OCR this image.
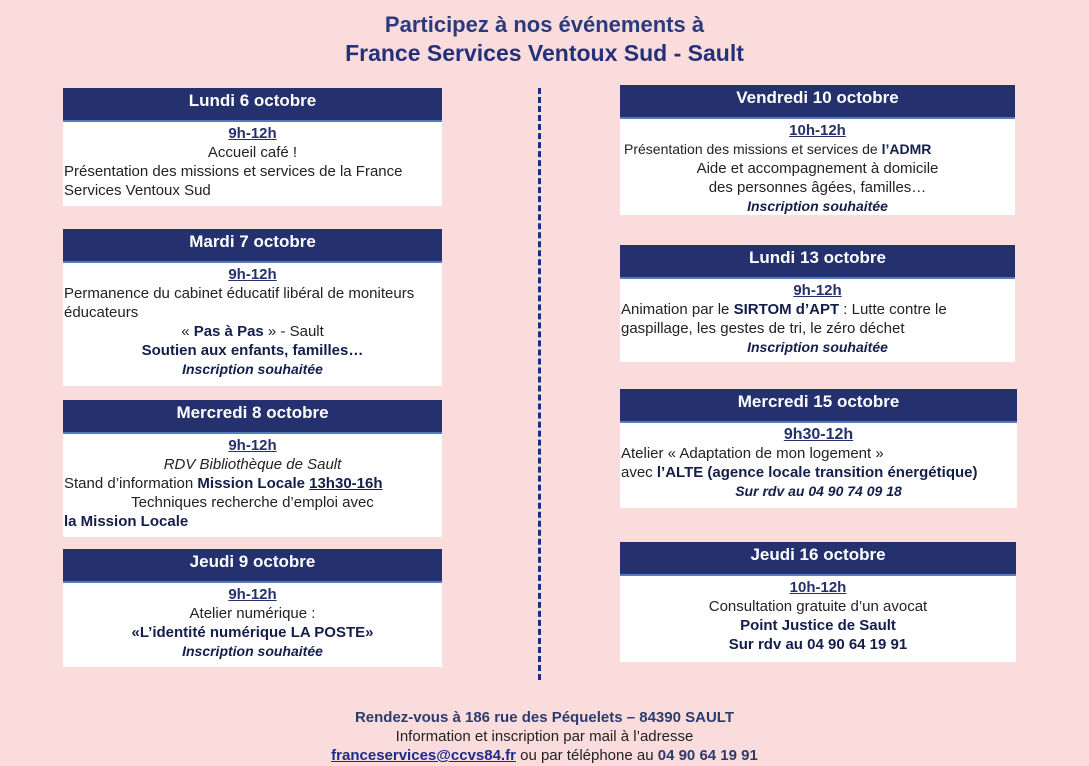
Participez à nos événements à
France Services Ventoux Sud - Sault
Lundi 6 octobre
9h-12h
Accueil café !
Présentation des missions et services de la France
Services Ventoux Sud
Mardi 7 octobre
9h-12h
Permanence du cabinet éducatif libéral de moniteurs
éducateurs
« Pas à Pas » - Sault
Soutien aux enfants, familles…
Inscription souhaitée
Mercredi 8 octobre
9h-12h
RDV Bibliothèque de Sault
Stand d’information Mission Locale 13h30-16h
Techniques recherche d’emploi avec
la Mission Locale
Jeudi 9 octobre
9h-12h
Atelier numérique :
«L’identité numérique LA POSTE»
Inscription souhaitée
Vendredi 10 octobre
10h-12h
Présentation des missions et services de l’ADMR
Aide et accompagnement à domicile
des personnes âgées, familles…
Inscription souhaitée
Lundi 13 octobre
9h-12h
Animation par le SIRTOM d’APT : Lutte contre le
gaspillage, les gestes de tri, le zéro déchet
Inscription souhaitée
Mercredi 15 octobre
9h30-12h
Atelier « Adaptation de mon logement »
avec l’ALTE (agence locale transition énergétique)
Sur rdv au 04 90 74 09 18
Jeudi 16 octobre
10h-12h
Consultation gratuite d’un avocat
Point Justice de Sault
Sur rdv au 04 90 64 19 91
Rendez-vous à 186 rue des Péquelets – 84390 SAULT
Information et inscription par mail à l’adresse
franceservices@ccvs84.fr ou par téléphone au 04 90 64 19 91
